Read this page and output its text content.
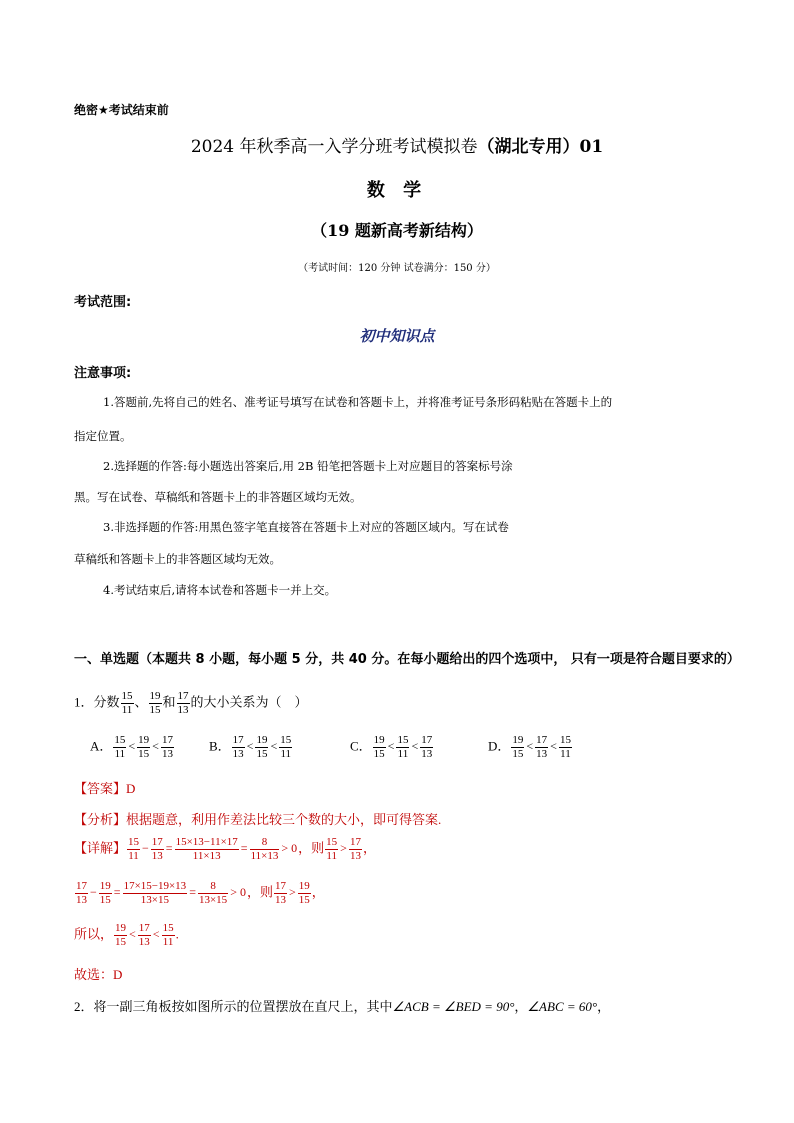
绝密★考试结束前
2024 年秋季高一入学分班考试模拟卷（湖北专用）01
数 学
（19 题新高考新结构）
（考试时间：120 分钟 试卷满分：150 分）
考试范围:
初中知识点
注意事项:
1.答题前,先将自己的姓名、准考证号填写在试卷和答题卡上，并将准考证号条形码粘贴在答题卡上的
指定位置。
2.选择题的作答:每小题选出答案后,用 2B 铅笔把答题卡上对应题目的答案标号涂
黑。写在试卷、草稿纸和答题卡上的非答题区域均无效。
3.非选择题的作答:用黑色签字笔直接答在答题卡上对应的答题区域内。写在试卷
草稿纸和答题卡上的非答题区域均无效。
4.考试结束后,请将本试卷和答题卡一并上交。
一、单选题（本题共 8 小题，每小题 5 分，共 40 分。在每小题给出的四个选项中， 只有一项是符合题目要求的）
1．分数 $\frac{15}{11}$ 、 $\frac{19}{15}$ 和 $\frac{17}{13}$ 的大小关系为（　）
A． $\frac{15}{11} < \frac{19}{15} < \frac{17}{13}$	B． $\frac{17}{13} < \frac{19}{15} < \frac{15}{11}$	C． $\frac{19}{15} < \frac{15}{11} < \frac{17}{13}$	D． $\frac{19}{15} < \frac{17}{13} < \frac{15}{11}$
【答案】D
【分析】根据题意，利用作差法比较三个数的大小，即可得答案.
【详解】 $\frac{15}{11} - \frac{17}{13} = \frac{15\times 13-11\times 17}{11\times 13} = \frac{8}{11\times 13} > 0$，则 $\frac{15}{11} > \frac{17}{13}$ ，
$\frac{17}{13} - \frac{19}{15} = \frac{17\times 15-19\times 13}{13\times 15} = \frac{8}{13\times 15} > 0$，则 $\frac{17}{13} > \frac{19}{15}$ ，
所以， $\frac{19}{15} < \frac{17}{13} < \frac{15}{11}$ .
故选：D
2．将一副三角板按如图所示的位置摆放在直尺上，其中∠ACB = ∠BED = 90°，∠ABC = 60°，
